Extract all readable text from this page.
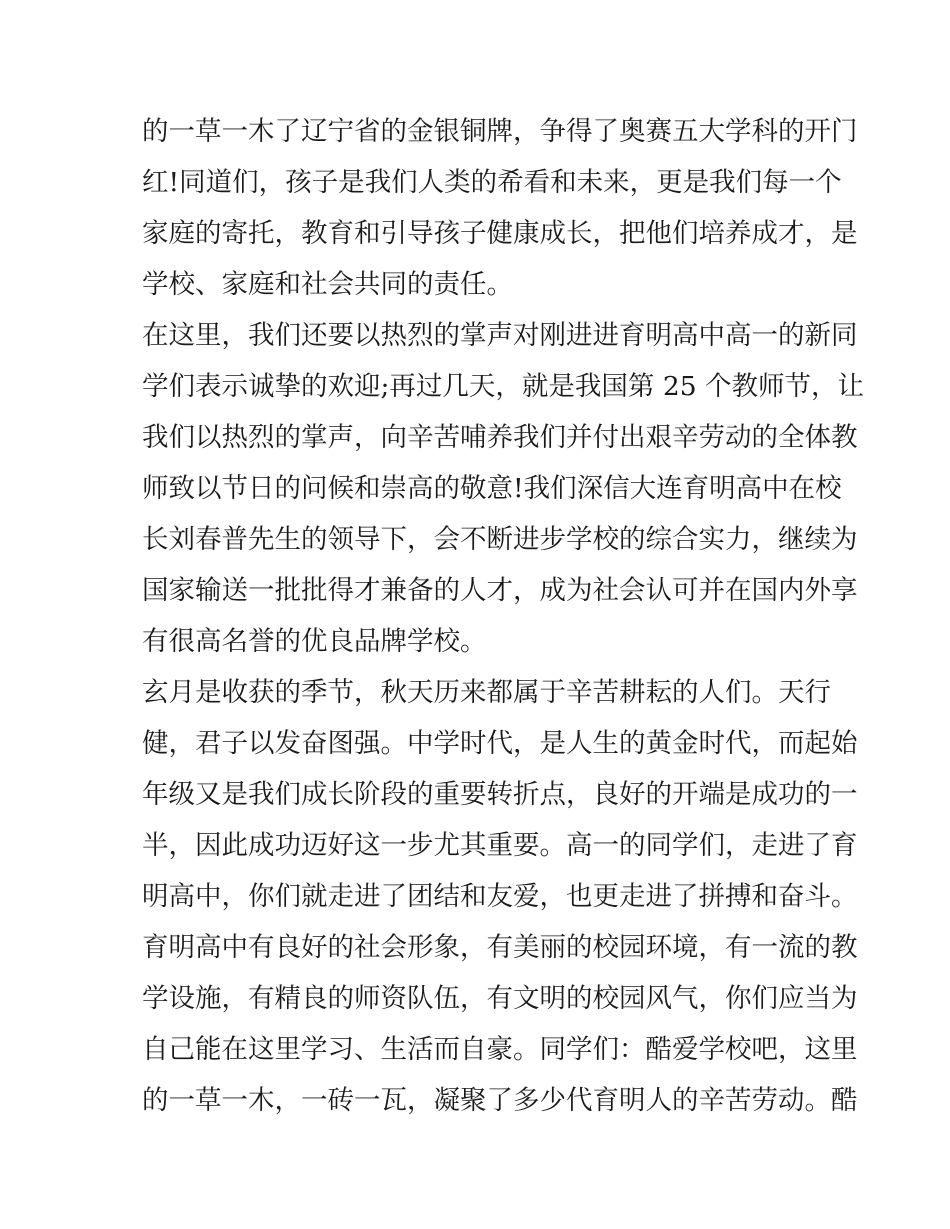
的一草一木了辽宁省的金银铜牌，争得了奥赛五大学科的开门
红!同道们，孩子是我们人类的希看和未来，更是我们每一个
家庭的寄托，教育和引导孩子健康成长，把他们培养成才，是
学校、家庭和社会共同的责任。
在这里，我们还要以热烈的掌声对刚进进育明高中高一的新同
学们表示诚挚的欢迎;再过几天，就是我国第 25 个教师节，让
我们以热烈的掌声，向辛苦哺养我们并付出艰辛劳动的全体教
师致以节日的问候和崇高的敬意!我们深信大连育明高中在校
长刘春普先生的领导下，会不断进步学校的综合实力，继续为
国家输送一批批得才兼备的人才，成为社会认可并在国内外享
有很高名誉的优良品牌学校。
玄月是收获的季节，秋天历来都属于辛苦耕耘的人们。天行
健，君子以发奋图强。中学时代，是人生的黄金时代，而起始
年级又是我们成长阶段的重要转折点，良好的开端是成功的一
半，因此成功迈好这一步尤其重要。高一的同学们，走进了育
明高中，你们就走进了团结和友爱，也更走进了拼搏和奋斗。
育明高中有良好的社会形象，有美丽的校园环境，有一流的教
学设施，有精良的师资队伍，有文明的校园风气，你们应当为
自己能在这里学习、生活而自豪。同学们：酷爱学校吧，这里
的一草一木，一砖一瓦，凝聚了多少代育明人的辛苦劳动。酷
